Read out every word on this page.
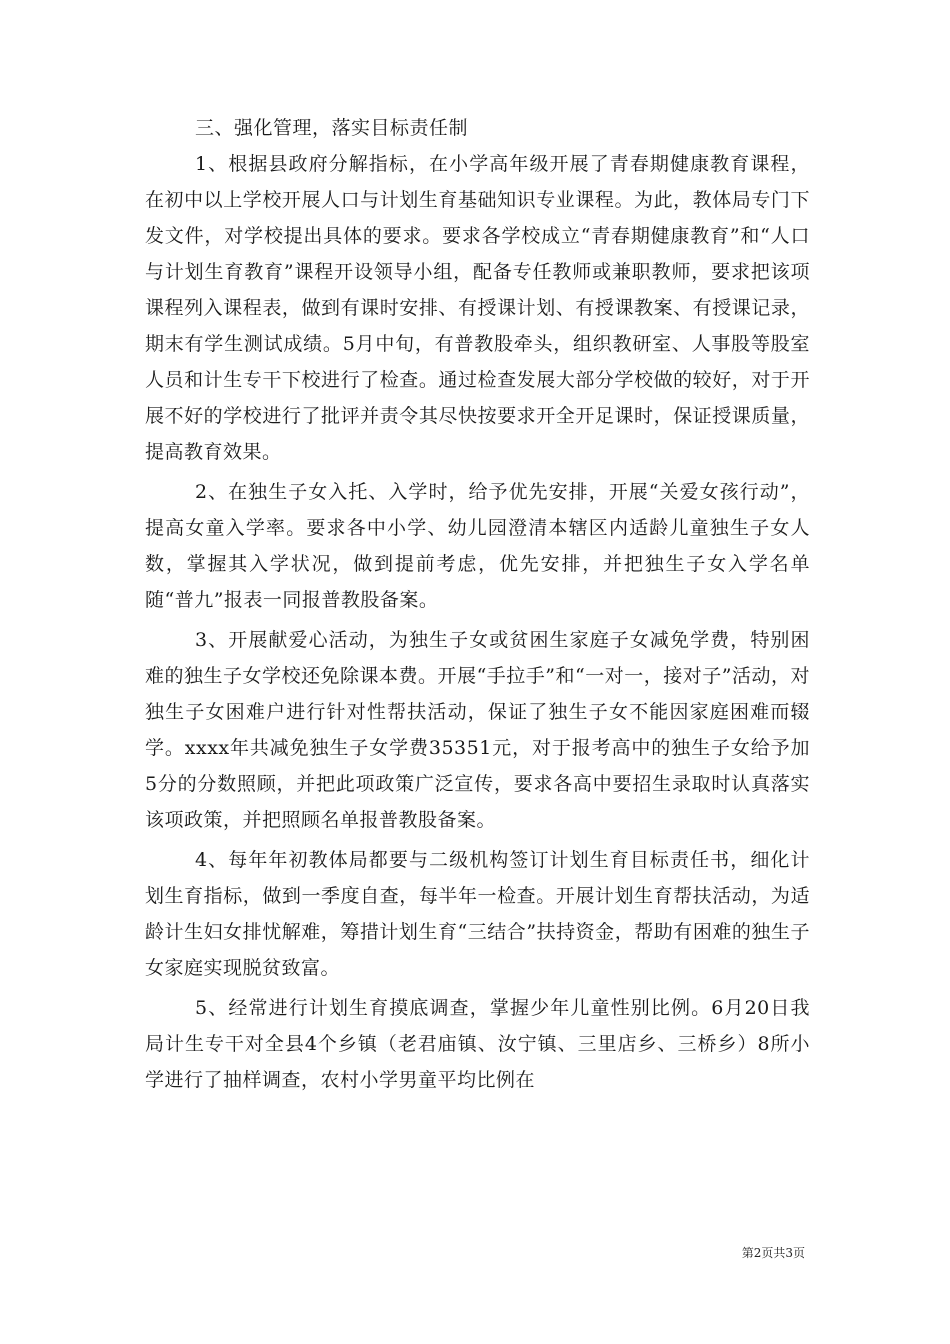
三、强化管理，落实目标责任制

1、根据县政府分解指标，在小学高年级开展了青春期健康教育课程，在初中以上学校开展人口与计划生育基础知识专业课程。为此，教体局专门下发文件，对学校提出具体的要求。要求各学校成立“青春期健康教育”和“人口与计划生育教育”课程开设领导小组，配备专任教师或兼职教师，要求把该项课程列入课程表，做到有课时安排、有授课计划、有授课教案、有授课记录，期末有学生测试成绩。5月中旬，有普教股牵头，组织教研室、人事股等股室人员和计生专干下校进行了检查。通过检查发展大部分学校做的较好，对于开展不好的学校进行了批评并责令其尽快按要求开全开足课时，保证授课质量，提高教育效果。

2、在独生子女入托、入学时，给予优先安排，开展“关爱女孩行动”，提高女童入学率。要求各中小学、幼儿园澄清本辖区内适龄儿童独生子女人数，掌握其入学状况，做到提前考虑，优先安排，并把独生子女入学名单随“普九”报表一同报普教股备案。

3、开展献爱心活动，为独生子女或贫困生家庭子女减免学费，特别困难的独生子女学校还免除课本费。开展“手拉手”和“一对一，接对子”活动，对独生子女困难户进行针对性帮扶活动，保证了独生子女不能因家庭困难而辍学。xxxx年共减免独生子女学费35351元，对于报考高中的独生子女给予加5分的分数照顾，并把此项政策广泛宣传，要求各高中要招生录取时认真落实该项政策，并把照顾名单报普教股备案。

4、每年年初教体局都要与二级机构签订计划生育目标责任书，细化计划生育指标，做到一季度自查，每半年一检查。开展计划生育帮扶活动，为适龄计生妇女排忧解难，筹措计划生育“三结合”扶持资金，帮助有困难的独生子女家庭实现脱贫致富。

5、经常进行计划生育摸底调查，掌握少年儿童性别比例。6月20日我局计生专干对全县4个乡镇（老君庙镇、汝宁镇、三里店乡、三桥乡）8所小学进行了抽样调查，农村小学男童平均比例在

第2页共3页
